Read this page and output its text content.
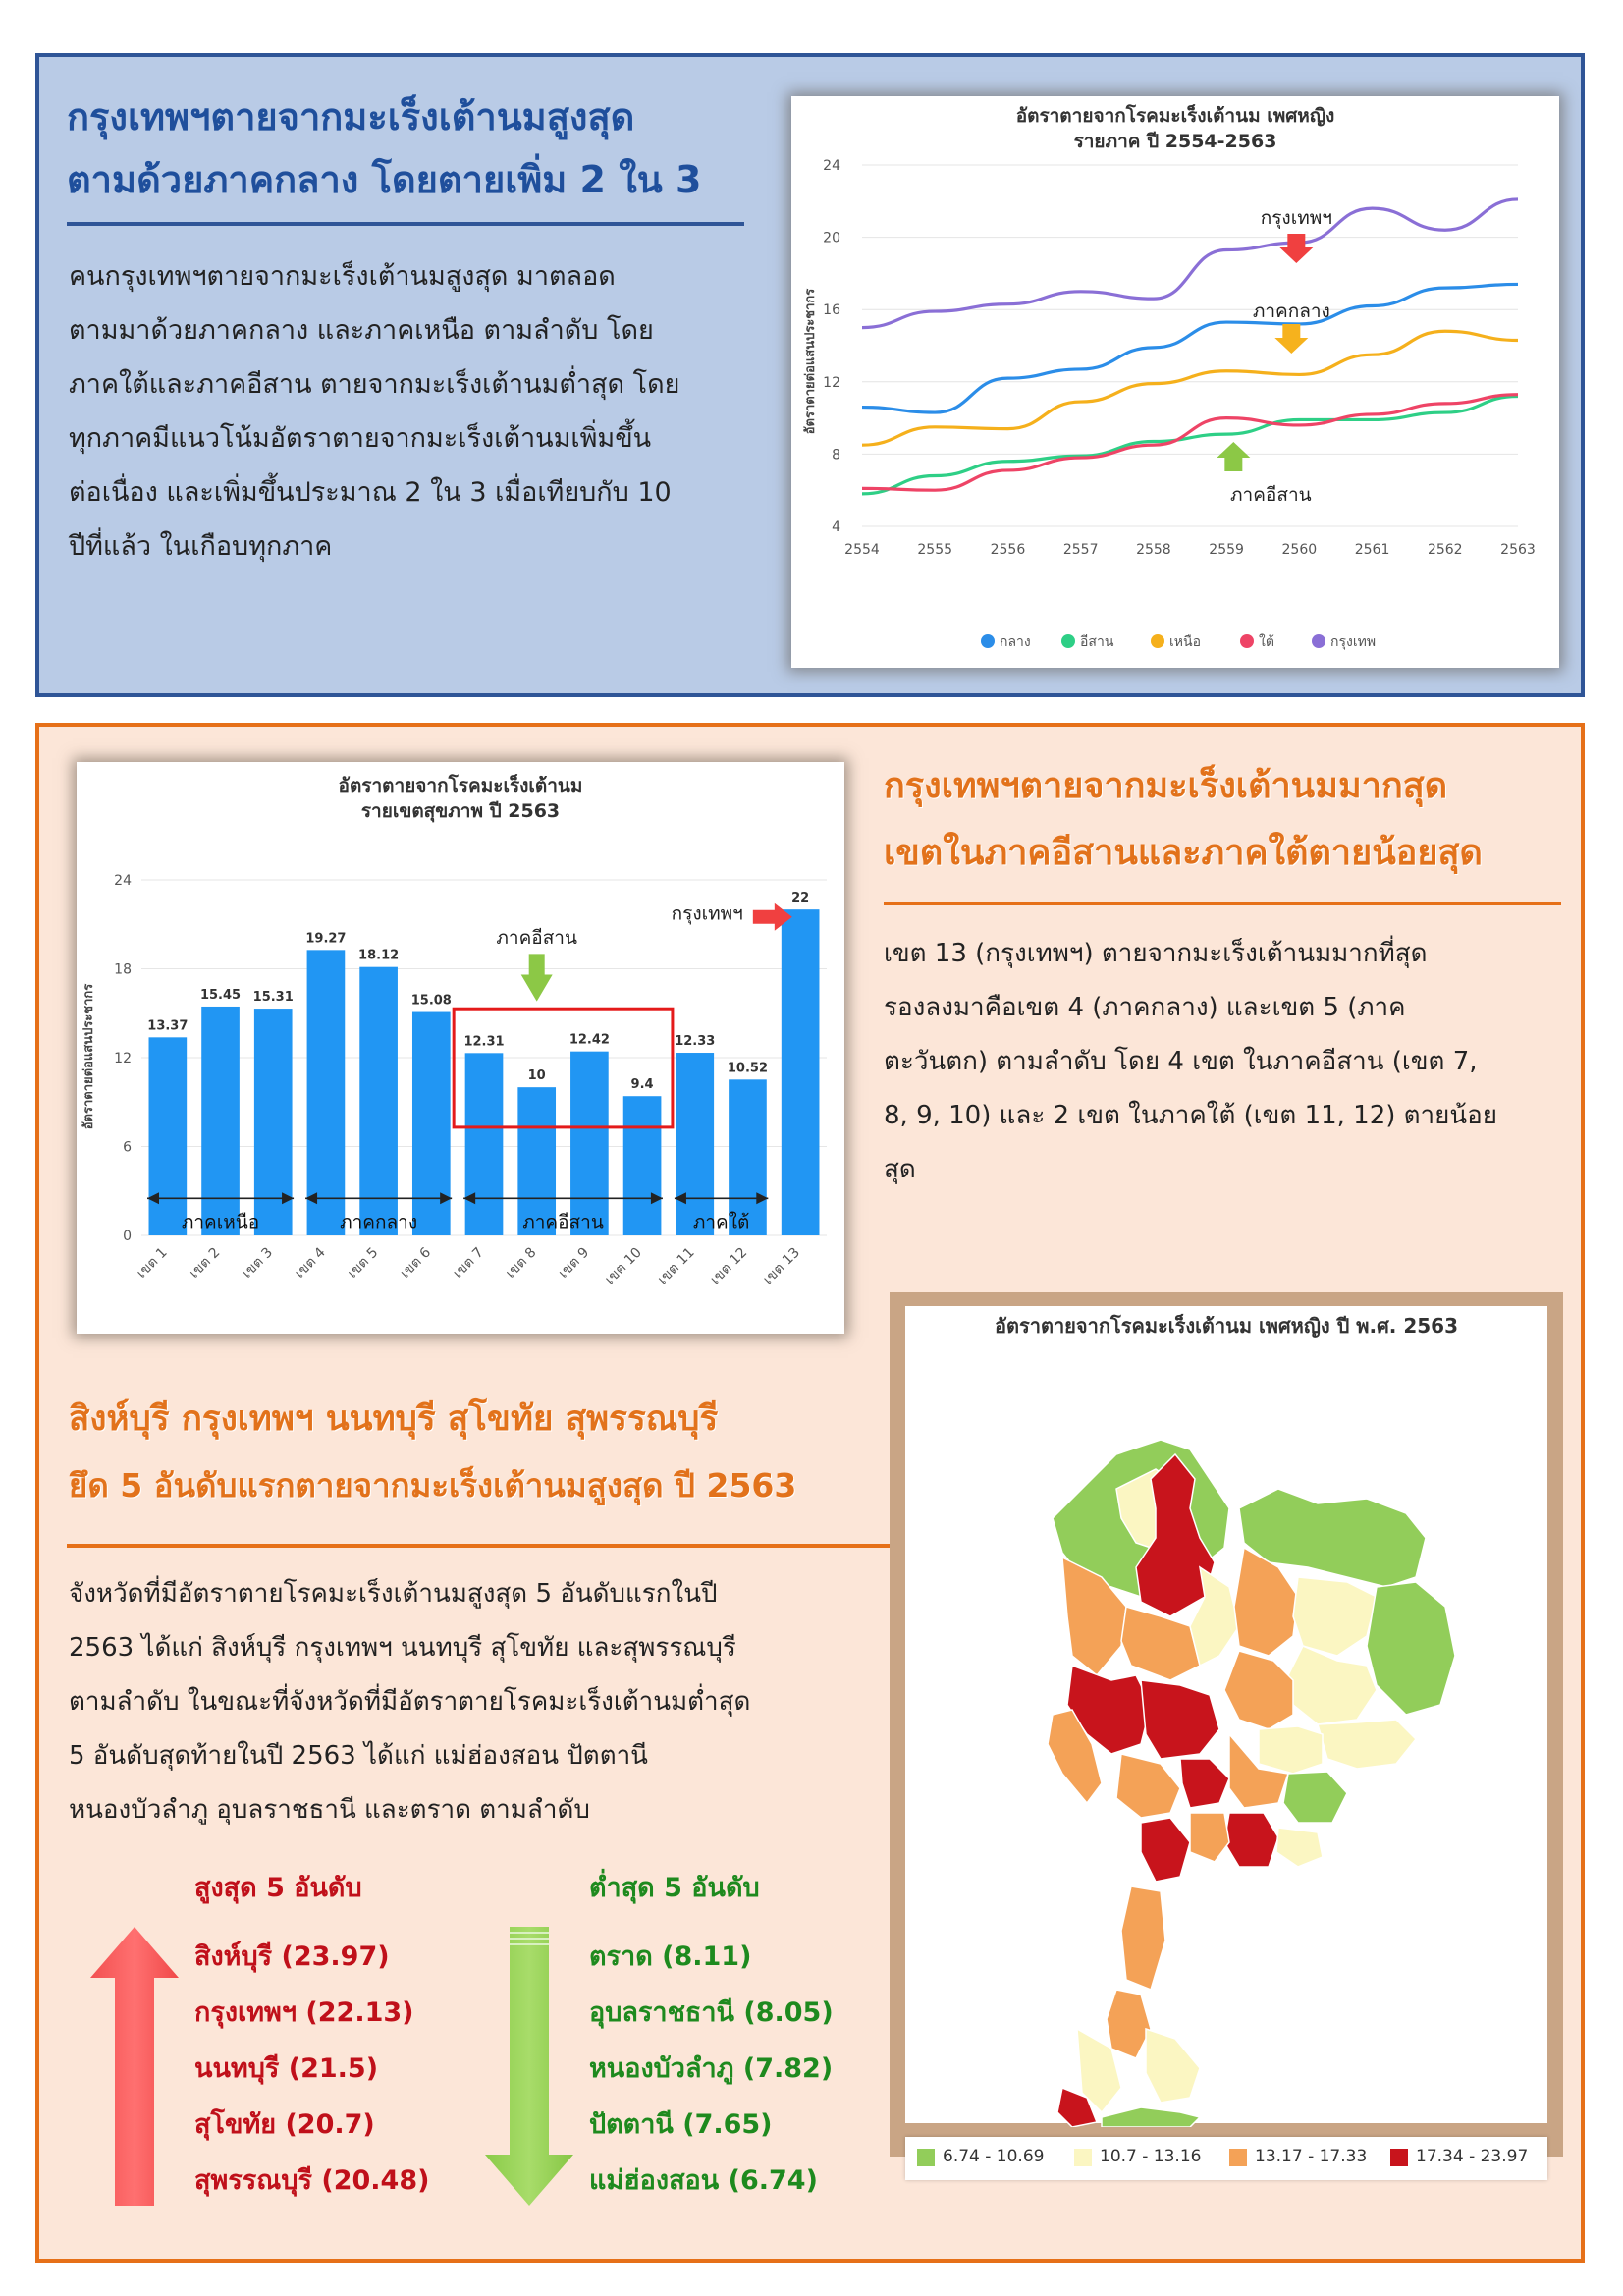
กรุงเทพฯตายจากมะเร็งเต้านมสูงสุด
ตามด้วยภาคกลาง โดยตายเพิ่ม 2 ใน 3
คนกรุงเทพฯตายจากมะเร็งเต้านมสูงสุด มาตลอด
ตามมาด้วยภาคกลาง และภาคเหนือ ตามลำดับ โดย
ภาคใต้และภาคอีสาน ตายจากมะเร็งเต้านมต่ำสุด โดย
ทุกภาคมีแนวโน้มอัตราตายจากมะเร็งเต้านมเพิ่มขึ้น
ต่อเนื่อง และเพิ่มขึ้นประมาณ 2 ใน 3 เมื่อเทียบกับ 10
ปีที่แล้ว ในเกือบทุกภาค
อัตราตายจากโรคมะเร็งเต้านม เพศหญิง
รายภาค ปี 2554-2563
4
8
12
16
20
24
อัตราตายต่อแสนประชากร
2554	2555	2556	2557	2558	2559	2560	2561	2562	2563
กรุงเทพฯ
ภาคกลาง
ภาคอีสาน
กลาง	อีสาน	เหนือ	ใต้	กรุงเทพ
อัตราตายจากโรคมะเร็งเต้านม
รายเขตสุขภาพ ปี 2563
อัตราตายต่อแสนประชากร
0
6
12
18
24
13.37
15.45 15.31
19.27
18.12
15.08
12.31
10
12.42
9.4
12.33
10.52
22
เขต 1 เขต 2 เขต 3 เขต 4 เขต 5 เขต 6 เขต 7 เขต 8 เขต 9 เขต 10 เขต 11 เขต 12 เขต 13
ภาคเหนือ	ภาคกลาง	ภาคอีสาน	ภาคใต้
ภาคอีสาน
กรุงเทพฯ
กรุงเทพฯตายจากมะเร็งเต้านมมากสุด
เขตในภาคอีสานและภาคใต้ตายน้อยสุด
เขต 13 (กรุงเทพฯ) ตายจากมะเร็งเต้านมมากที่สุด
รองลงมาคือเขต 4 (ภาคกลาง) และเขต 5 (ภาค
ตะวันตก) ตามลำดับ โดย 4 เขต ในภาคอีสาน (เขต 7,
8, 9, 10) และ 2 เขต ในภาคใต้ (เขต 11, 12) ตายน้อย
สุด
สิงห์บุรี กรุงเทพฯ นนทบุรี สุโขทัย สุพรรณบุรี
ยึด 5 อันดับแรกตายจากมะเร็งเต้านมสูงสุด ปี 2563
จังหวัดที่มีอัตราตายโรคมะเร็งเต้านมสูงสุด 5 อันดับแรกในปี
2563 ได้แก่ สิงห์บุรี กรุงเทพฯ นนทบุรี สุโขทัย และสุพรรณบุรี
ตามลำดับ ในขณะที่จังหวัดที่มีอัตราตายโรคมะเร็งเต้านมต่ำสุด
5 อันดับสุดท้ายในปี 2563 ได้แก่ แม่ฮ่องสอน ปัตตานี
หนองบัวลำภู อุบลราชธานี และตราด ตามลำดับ
สูงสุด 5 อันดับ
สิงห์บุรี (23.97)
กรุงเทพฯ (22.13)
นนทบุรี (21.5)
สุโขทัย (20.7)
สุพรรณบุรี (20.48)
ต่ำสุด 5 อันดับ
ตราด (8.11)
อุบลราชธานี (8.05)
หนองบัวลำภู (7.82)
ปัตตานี (7.65)
แม่ฮ่องสอน (6.74)
อัตราตายจากโรคมะเร็งเต้านม เพศหญิง ปี พ.ศ. 2563
6.74 - 10.69	10.7 - 13.16	13.17 - 17.33	17.34 - 23.97
